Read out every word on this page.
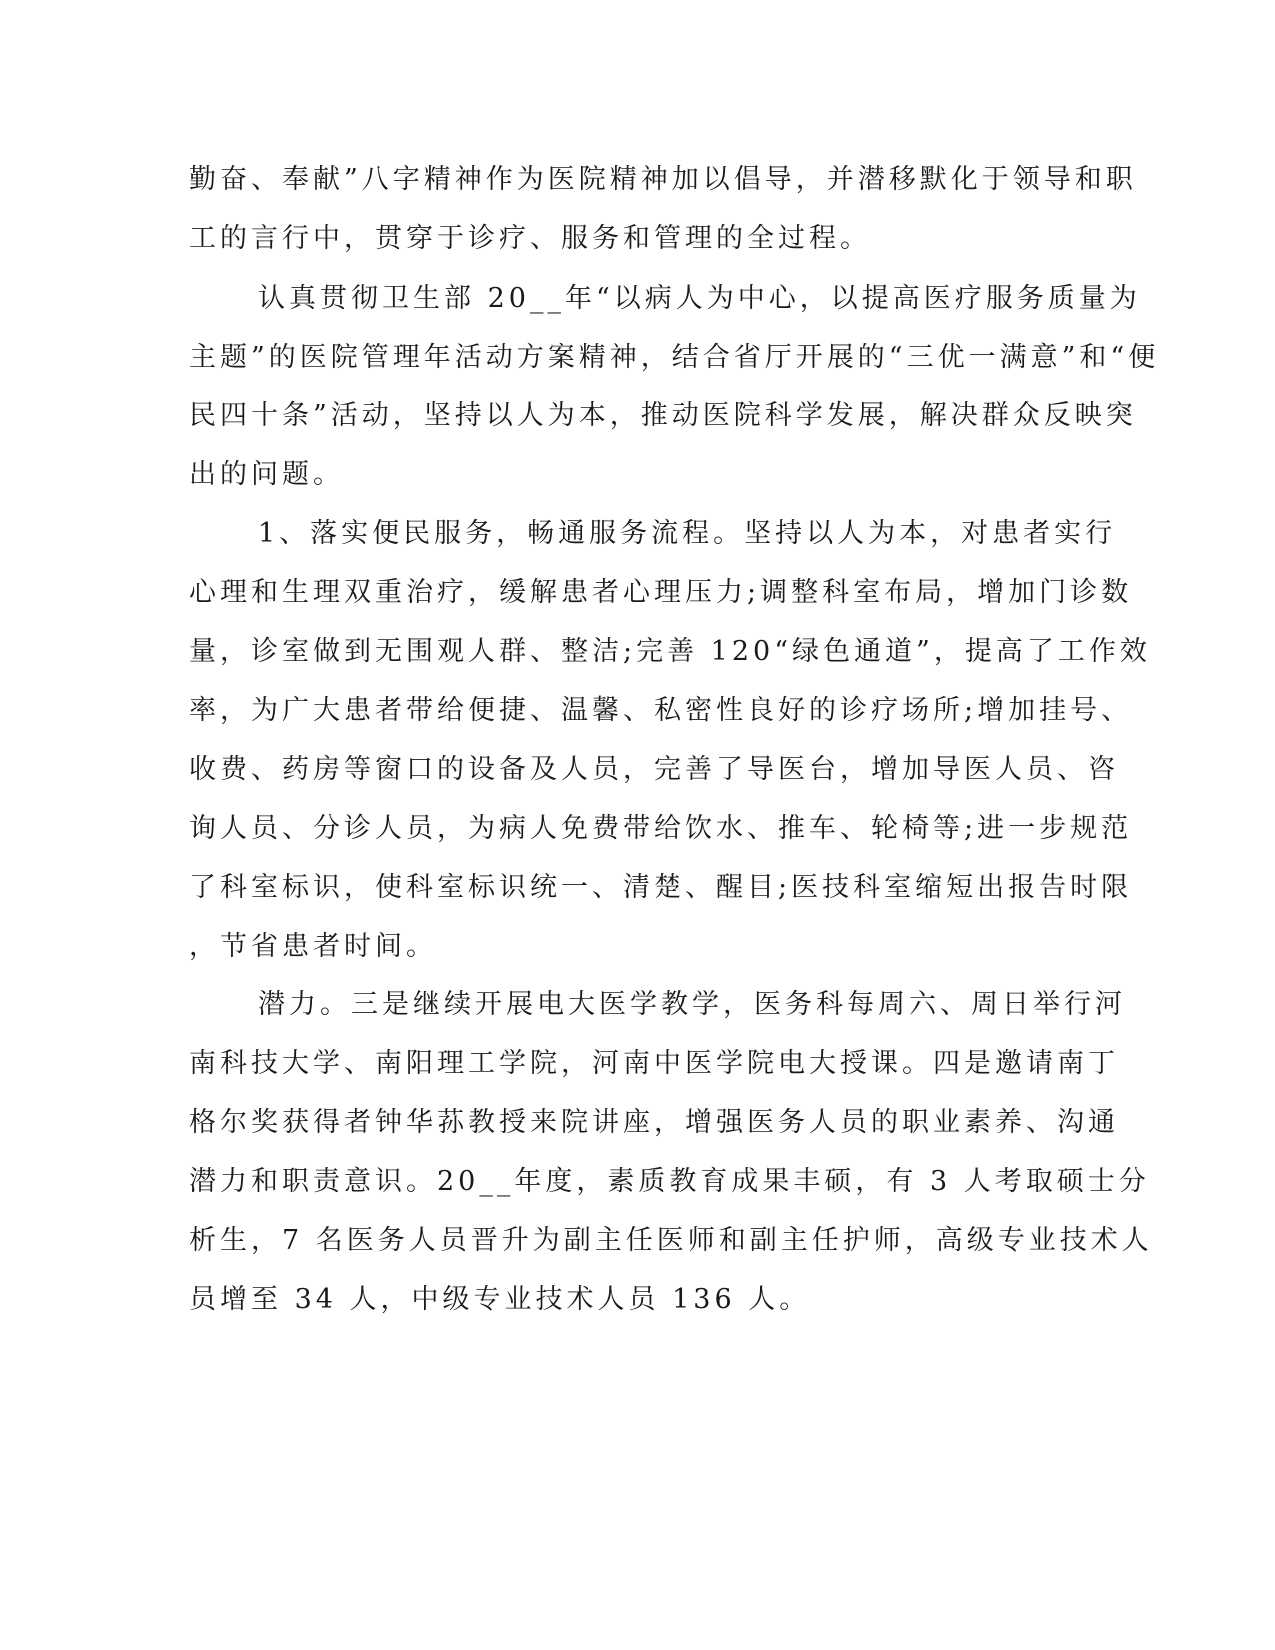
勤奋、奉献”八字精神作为医院精神加以倡导，并潜移默化于领导和职
工的言行中，贯穿于诊疗、服务和管理的全过程。
认真贯彻卫生部 20__年“以病人为中心，以提高医疗服务质量为
主题”的医院管理年活动方案精神，结合省厅开展的“三优一满意”和“便
民四十条”活动，坚持以人为本，推动医院科学发展，解决群众反映突
出的问题。
1、落实便民服务，畅通服务流程。坚持以人为本，对患者实行
心理和生理双重治疗，缓解患者心理压力;调整科室布局，增加门诊数
量，诊室做到无围观人群、整洁;完善 120“绿色通道”，提高了工作效
率，为广大患者带给便捷、温馨、私密性良好的诊疗场所;增加挂号、
收费、药房等窗口的设备及人员，完善了导医台，增加导医人员、咨
询人员、分诊人员，为病人免费带给饮水、推车、轮椅等;进一步规范
了科室标识，使科室标识统一、清楚、醒目;医技科室缩短出报告时限
，节省患者时间。
潜力。三是继续开展电大医学教学，医务科每周六、周日举行河
南科技大学、南阳理工学院，河南中医学院电大授课。四是邀请南丁
格尔奖获得者钟华荪教授来院讲座，增强医务人员的职业素养、沟通
潜力和职责意识。20__年度，素质教育成果丰硕，有 3 人考取硕士分
析生，7 名医务人员晋升为副主任医师和副主任护师，高级专业技术人
员增至 34 人，中级专业技术人员 136 人。
